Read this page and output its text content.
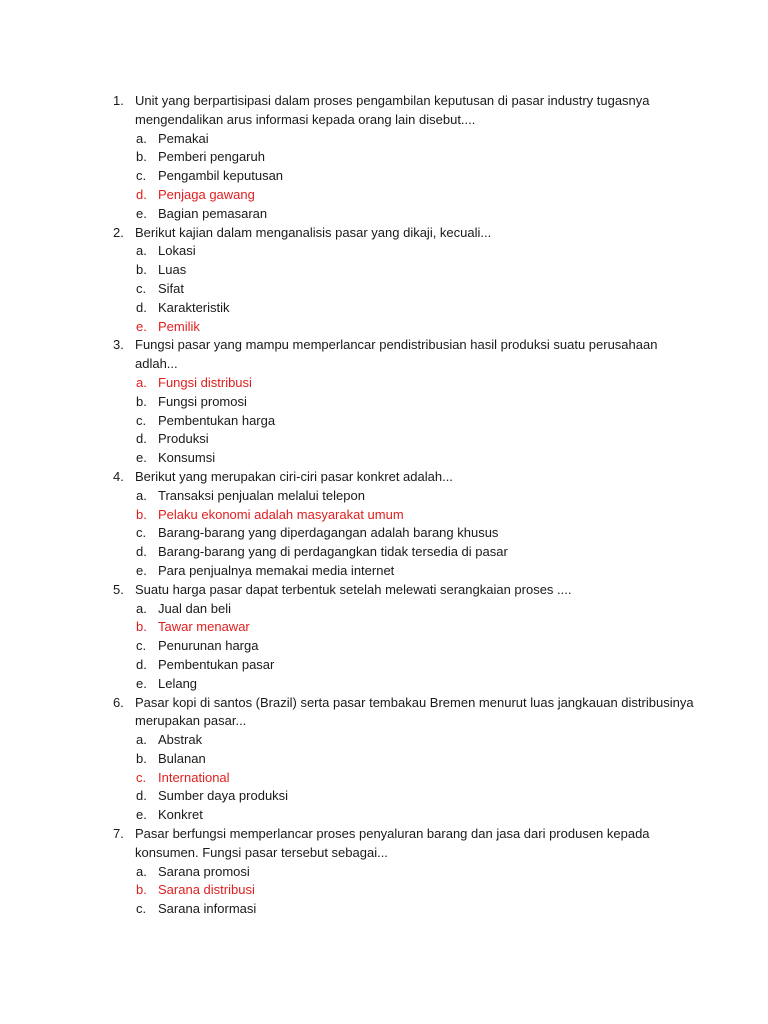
1. Unit yang berpartisipasi dalam proses pengambilan keputusan di pasar industry tugasnya mengendalikan arus informasi kepada orang lain disebut....
a. Pemakai
b. Pemberi pengaruh
c. Pengambil keputusan
d. Penjaga gawang
e. Bagian pemasaran
2. Berikut kajian dalam menganalisis pasar yang dikaji, kecuali...
a. Lokasi
b. Luas
c. Sifat
d. Karakteristik
e. Pemilik
3. Fungsi pasar yang mampu memperlancar pendistribusian hasil produksi suatu perusahaan adlah...
a. Fungsi distribusi
b. Fungsi promosi
c. Pembentukan harga
d. Produksi
e. Konsumsi
4. Berikut yang merupakan ciri-ciri pasar konkret adalah...
a. Transaksi penjualan melalui telepon
b. Pelaku ekonomi adalah masyarakat umum
c. Barang-barang yang diperdagangan adalah barang khusus
d. Barang-barang yang di perdagangkan tidak tersedia di pasar
e. Para penjualnya memakai media internet
5. Suatu harga pasar dapat terbentuk setelah melewati serangkaian proses ....
a. Jual dan beli
b. Tawar menawar
c. Penurunan harga
d. Pembentukan pasar
e. Lelang
6. Pasar kopi di santos (Brazil) serta pasar tembakau Bremen menurut luas jangkauan distribusinya merupakan pasar...
a. Abstrak
b. Bulanan
c. International
d. Sumber daya produksi
e. Konkret
7. Pasar berfungsi memperlancar proses penyaluran barang dan jasa dari produsen kepada konsumen. Fungsi pasar tersebut sebagai...
a. Sarana promosi
b. Sarana distribusi
c. Sarana informasi
